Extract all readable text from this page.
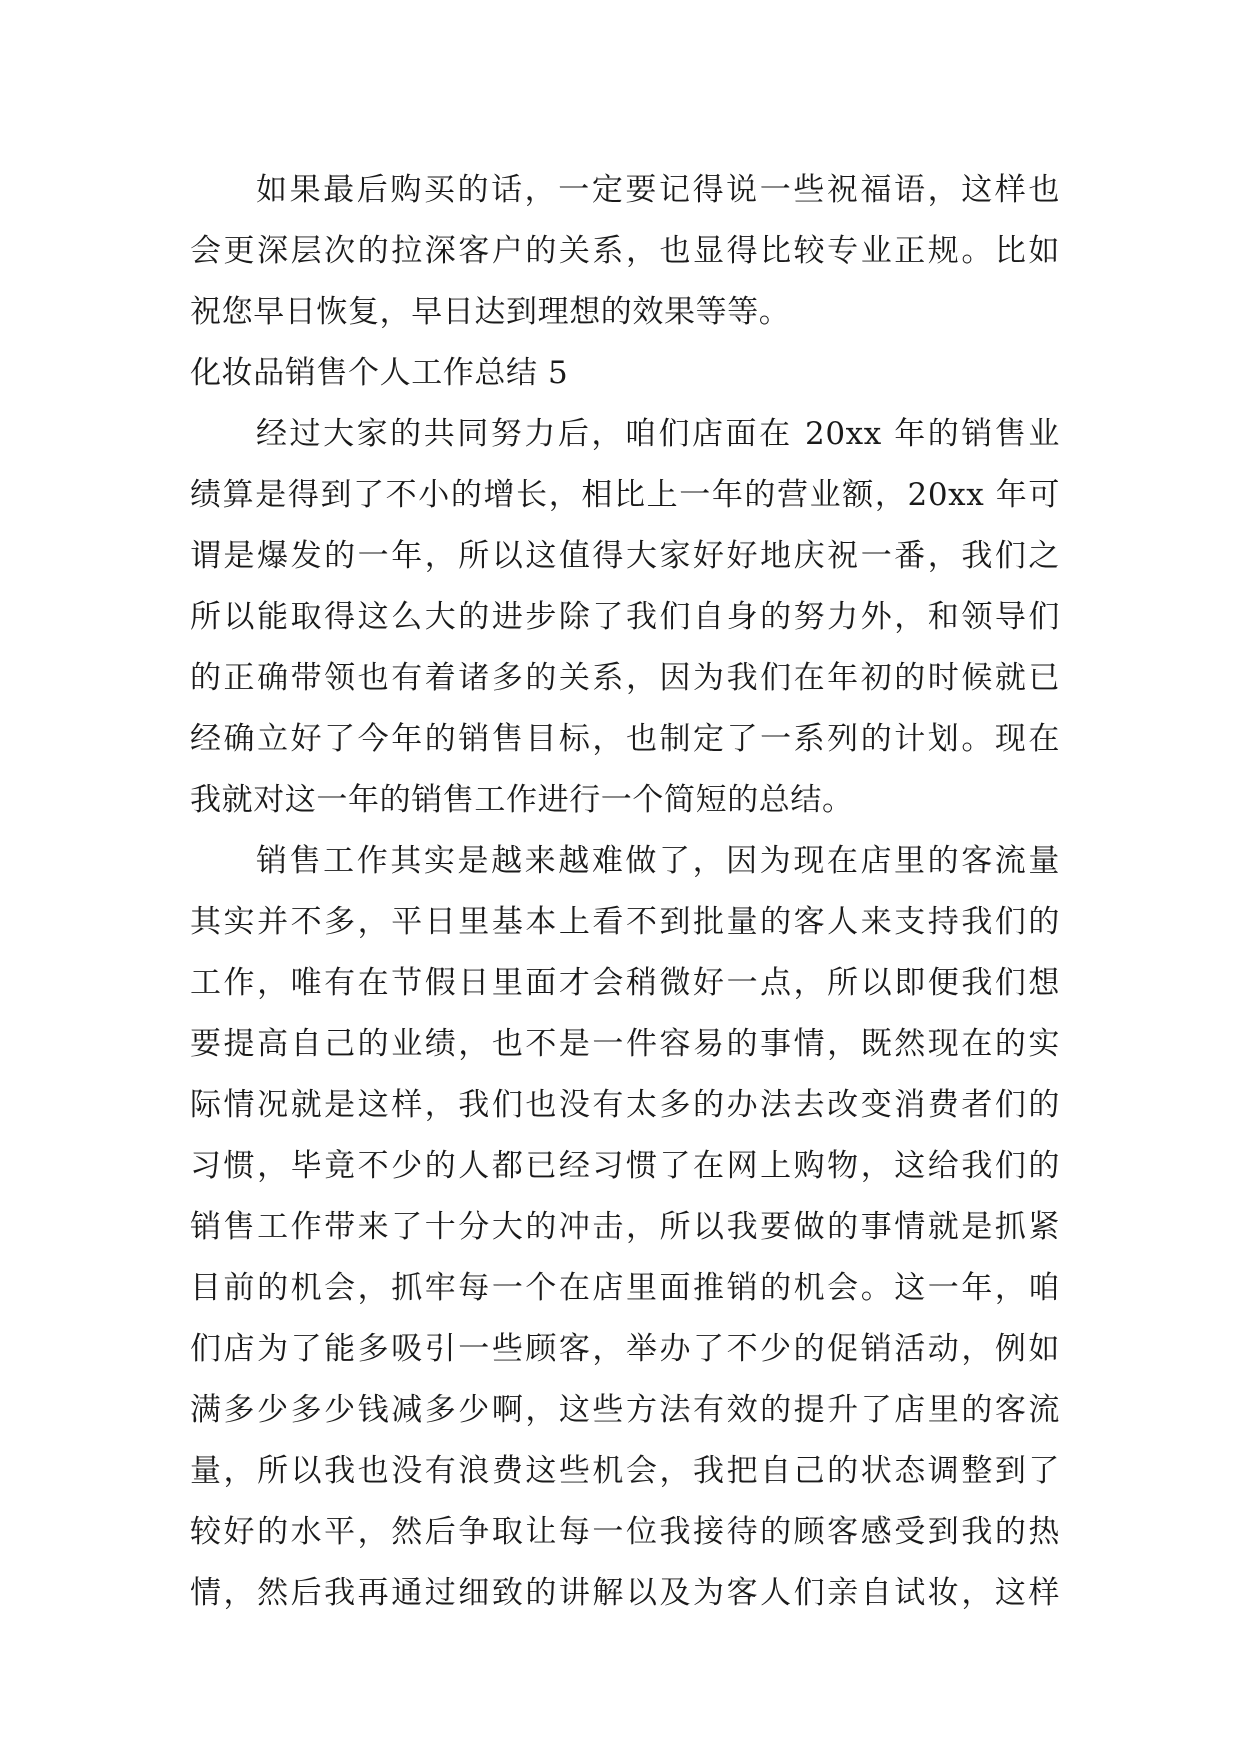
如果最后购买的话，一定要记得说一些祝福语，这样也
会更深层次的拉深客户的关系，也显得比较专业正规。比如
祝您早日恢复，早日达到理想的效果等等。
化妆品销售个人工作总结 5
经过大家的共同努力后，咱们店面在 20xx 年的销售业
绩算是得到了不小的增长，相比上一年的营业额，20xx 年可
谓是爆发的一年，所以这值得大家好好地庆祝一番，我们之
所以能取得这么大的进步除了我们自身的努力外，和领导们
的正确带领也有着诸多的关系，因为我们在年初的时候就已
经确立好了今年的销售目标，也制定了一系列的计划。现在
我就对这一年的销售工作进行一个简短的总结。
销售工作其实是越来越难做了，因为现在店里的客流量
其实并不多，平日里基本上看不到批量的客人来支持我们的
工作，唯有在节假日里面才会稍微好一点，所以即便我们想
要提高自己的业绩，也不是一件容易的事情，既然现在的实
际情况就是这样，我们也没有太多的办法去改变消费者们的
习惯，毕竟不少的人都已经习惯了在网上购物，这给我们的
销售工作带来了十分大的冲击，所以我要做的事情就是抓紧
目前的机会，抓牢每一个在店里面推销的机会。这一年，咱
们店为了能多吸引一些顾客，举办了不少的促销活动，例如
满多少多少钱减多少啊，这些方法有效的提升了店里的客流
量，所以我也没有浪费这些机会，我把自己的状态调整到了
较好的水平，然后争取让每一位我接待的顾客感受到我的热
情，然后我再通过细致的讲解以及为客人们亲自试妆，这样
